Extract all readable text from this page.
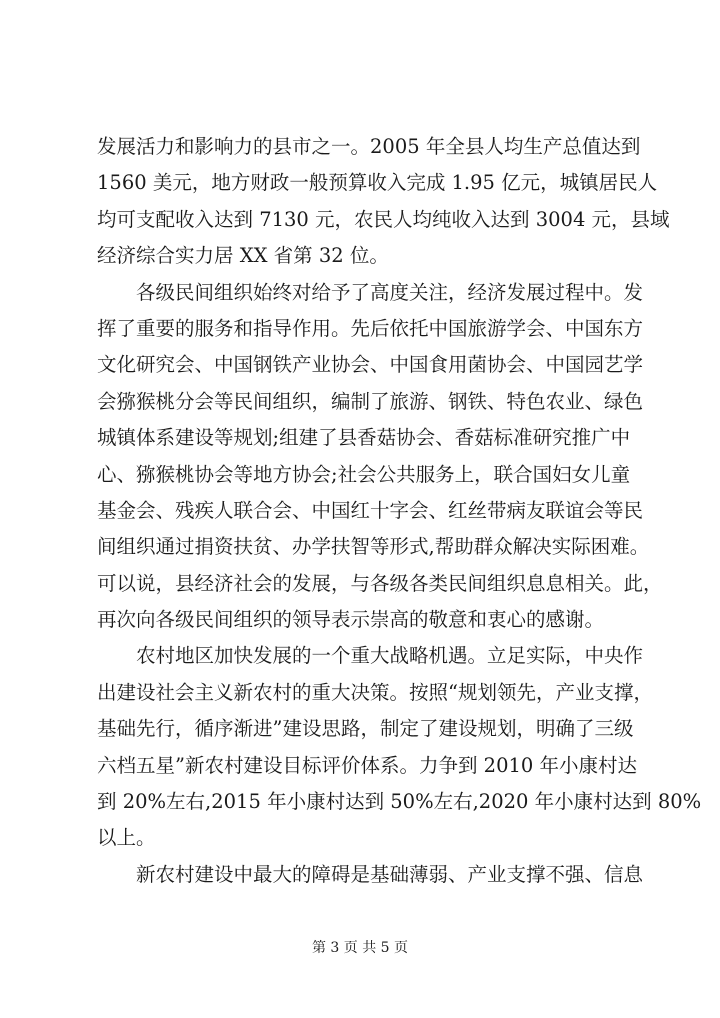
发展活力和影响力的县市之一。2005 年全县人均生产总值达到
1560 美元，地方财政一般预算收入完成 1.95 亿元，城镇居民人
均可支配收入达到 7130 元，农民人均纯收入达到 3004 元，县域
经济综合实力居 XX 省第 32 位。
各级民间组织始终对给予了高度关注，经济发展过程中。发
挥了重要的服务和指导作用。先后依托中国旅游学会、中国东方
文化研究会、中国钢铁产业协会、中国食用菌协会、中国园艺学
会猕猴桃分会等民间组织，编制了旅游、钢铁、特色农业、绿色
城镇体系建设等规划;组建了县香菇协会、香菇标准研究推广中
心、猕猴桃协会等地方协会;社会公共服务上，联合国妇女儿童
基金会、残疾人联合会、中国红十字会、红丝带病友联谊会等民
间组织通过捐资扶贫、办学扶智等形式,帮助群众解决实际困难。
可以说，县经济社会的发展，与各级各类民间组织息息相关。此，
再次向各级民间组织的领导表示崇高的敬意和衷心的感谢。
农村地区加快发展的一个重大战略机遇。立足实际，中央作
出建设社会主义新农村的重大决策。按照“规划领先，产业支撑，
基础先行，循序渐进”建设思路，制定了建设规划，明确了三级
六档五星”新农村建设目标评价体系。力争到 2010 年小康村达
到 20%左右,2015 年小康村达到 50%左右,2020 年小康村达到 80%
以上。
新农村建设中最大的障碍是基础薄弱、产业支撑不强、信息
第 3 页 共 5 页
